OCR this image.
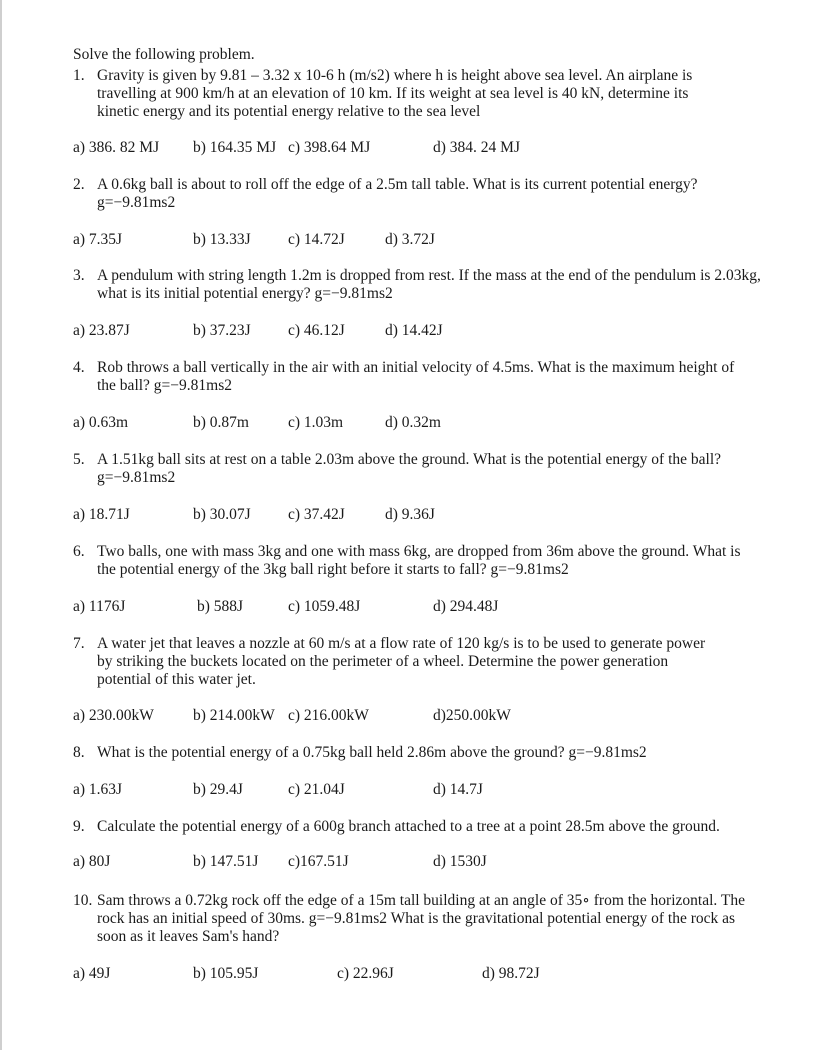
Solve the following problem.
1. Gravity is given by 9.81 – 3.32 x 10-6 h (m/s2) where h is height above sea level. An airplane is
travelling at 900 km/h at an elevation of 10 km. If its weight at sea level is 40 kN, determine its
kinetic energy and its potential energy relative to the sea level
a) 386. 82 MJ b) 164.35 MJ c) 398.64 MJ	d) 384. 24 MJ
2. A 0.6kg ball is about to roll off the edge of a 2.5m tall table. What is its current potential energy?
g=−9.81ms2
a) 7.35J	b) 13.33J c) 14.72J	d) 3.72J
3. A pendulum with string length 1.2m is dropped from rest. If the mass at the end of the pendulum is 2.03kg,
what is its initial potential energy? g=−9.81ms2
a) 23.87J	b) 37.23J c) 46.12J	d) 14.42J
4. Rob throws a ball vertically in the air with an initial velocity of 4.5ms. What is the maximum height of
the ball? g=−9.81ms2
a) 0.63m	b) 0.87m	c) 1.03m	d) 0.32m
5. A 1.51kg ball sits at rest on a table 2.03m above the ground. What is the potential energy of the ball?
g=−9.81ms2
a) 18.71J	b) 30.07J c) 37.42J	d) 9.36J
6. Two balls, one with mass 3kg and one with mass 6kg, are dropped from 36m above the ground. What is
the potential energy of the 3kg ball right before it starts to fall? g=−9.81ms2
a) 1176J	b) 588J	c) 1059.48J	d) 294.48J
7. A water jet that leaves a nozzle at 60 m/s at a flow rate of 120 kg/s is to be used to generate power
by striking the buckets located on the perimeter of a wheel. Determine the power generation
potential of this water jet.
a) 230.00kW	b) 214.00kW c) 216.00kW	d)250.00kW
8. What is the potential energy of a 0.75kg ball held 2.86m above the ground? g=−9.81ms2
a) 1.63J	b) 29.4J	c) 21.04J	d) 14.7J
9. Calculate the potential energy of a 600g branch attached to a tree at a point 28.5m above the ground.
a) 80J	b) 147.51J c)167.51J	d) 1530J
10. Sam throws a 0.72kg rock off the edge of a 15m tall building at an angle of 35∘ from the horizontal. The
rock has an initial speed of 30ms. g=−9.81ms2 What is the gravitational potential energy of the rock as
soon as it leaves Sam's hand?
a) 49J	b) 105.95J	c) 22.96J	d) 98.72J
